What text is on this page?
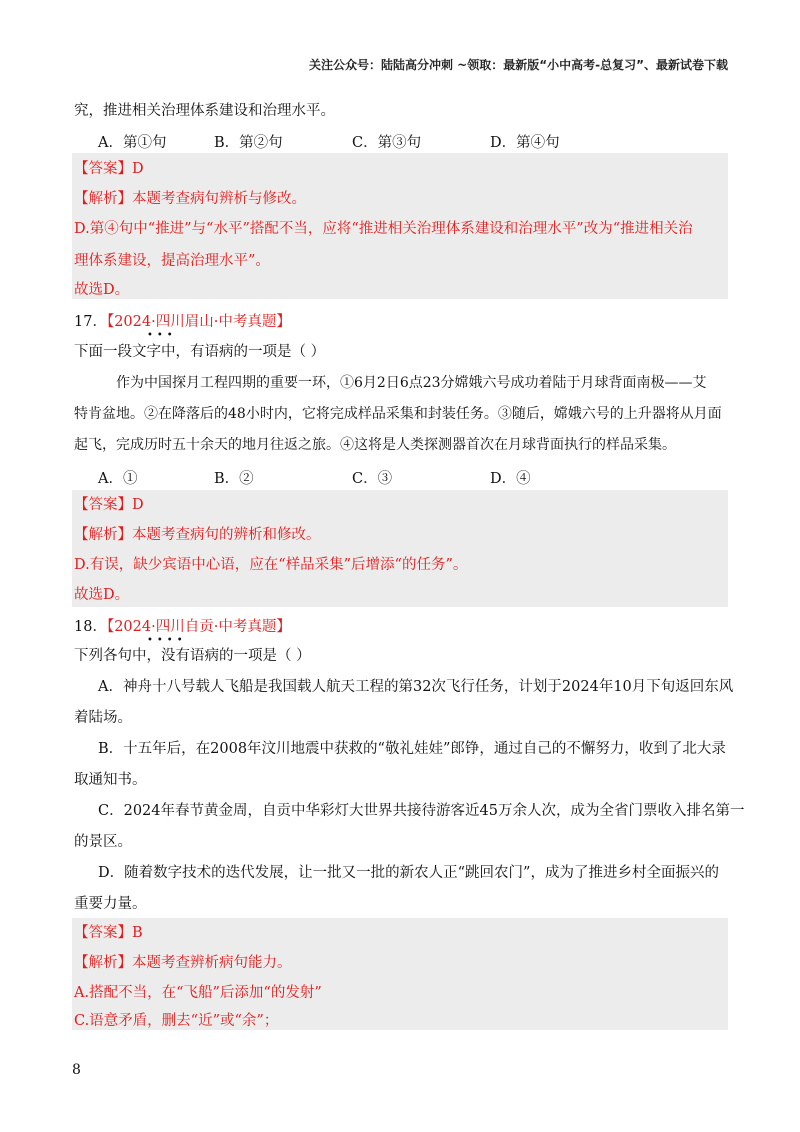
关注公众号：陆陆高分冲刺 ~领取：最新版“小中高考-总复习”、最新试卷下载
究，推进相关治理体系建设和治理水平。
A．第①句	B．第②句	C．第③句	D．第④句
【答案】D
【解析】本题考查病句辨析与修改。
D.第④句中“推进”与“水平”搭配不当，应将“推进相关治理体系建设和治理水平”改为“推进相关治
理体系建设，提高治理水平”。
故选D。
17．【2024·四川眉山·中考真题】
•••
下面一段文字中，有语病的一项是（ ）
作为中国探月工程四期的重要一环，①6月2日6点23分嫦娥六号成功着陆于月球背面南极——艾
特肯盆地。②在降落后的48小时内，它将完成样品采集和封装任务。③随后，嫦娥六号的上升器将从月面
起飞，完成历时五十余天的地月往返之旅。④这将是人类探测器首次在月球背面执行的样品采集。
A．①	B．②	C．③	D．④
【答案】D
【解析】本题考查病句的辨析和修改。
D.有误，缺少宾语中心语，应在“样品采集”后增添“的任务”。
故选D。
18．【2024·四川自贡·中考真题】
••••
下列各句中，没有语病的一项是（ ）
A．神舟十八号载人飞船是我国载人航天工程的第32次飞行任务，计划于2024年10月下旬返回东风
着陆场。
B．十五年后，在2008年汶川地震中获救的“敬礼娃娃”郎铮，通过自己的不懈努力，收到了北大录
取通知书。
C．2024年春节黄金周，自贡中华彩灯大世界共接待游客近45万余人次，成为全省门票收入排名第一
的景区。
D．随着数字技术的迭代发展，让一批又一批的新农人正“跳回农门”，成为了推进乡村全面振兴的
重要力量。
【答案】B
【解析】本题考查辨析病句能力。
A.搭配不当，在“飞船”后添加“的发射”
C.语意矛盾，删去“近”或“余”；
8
